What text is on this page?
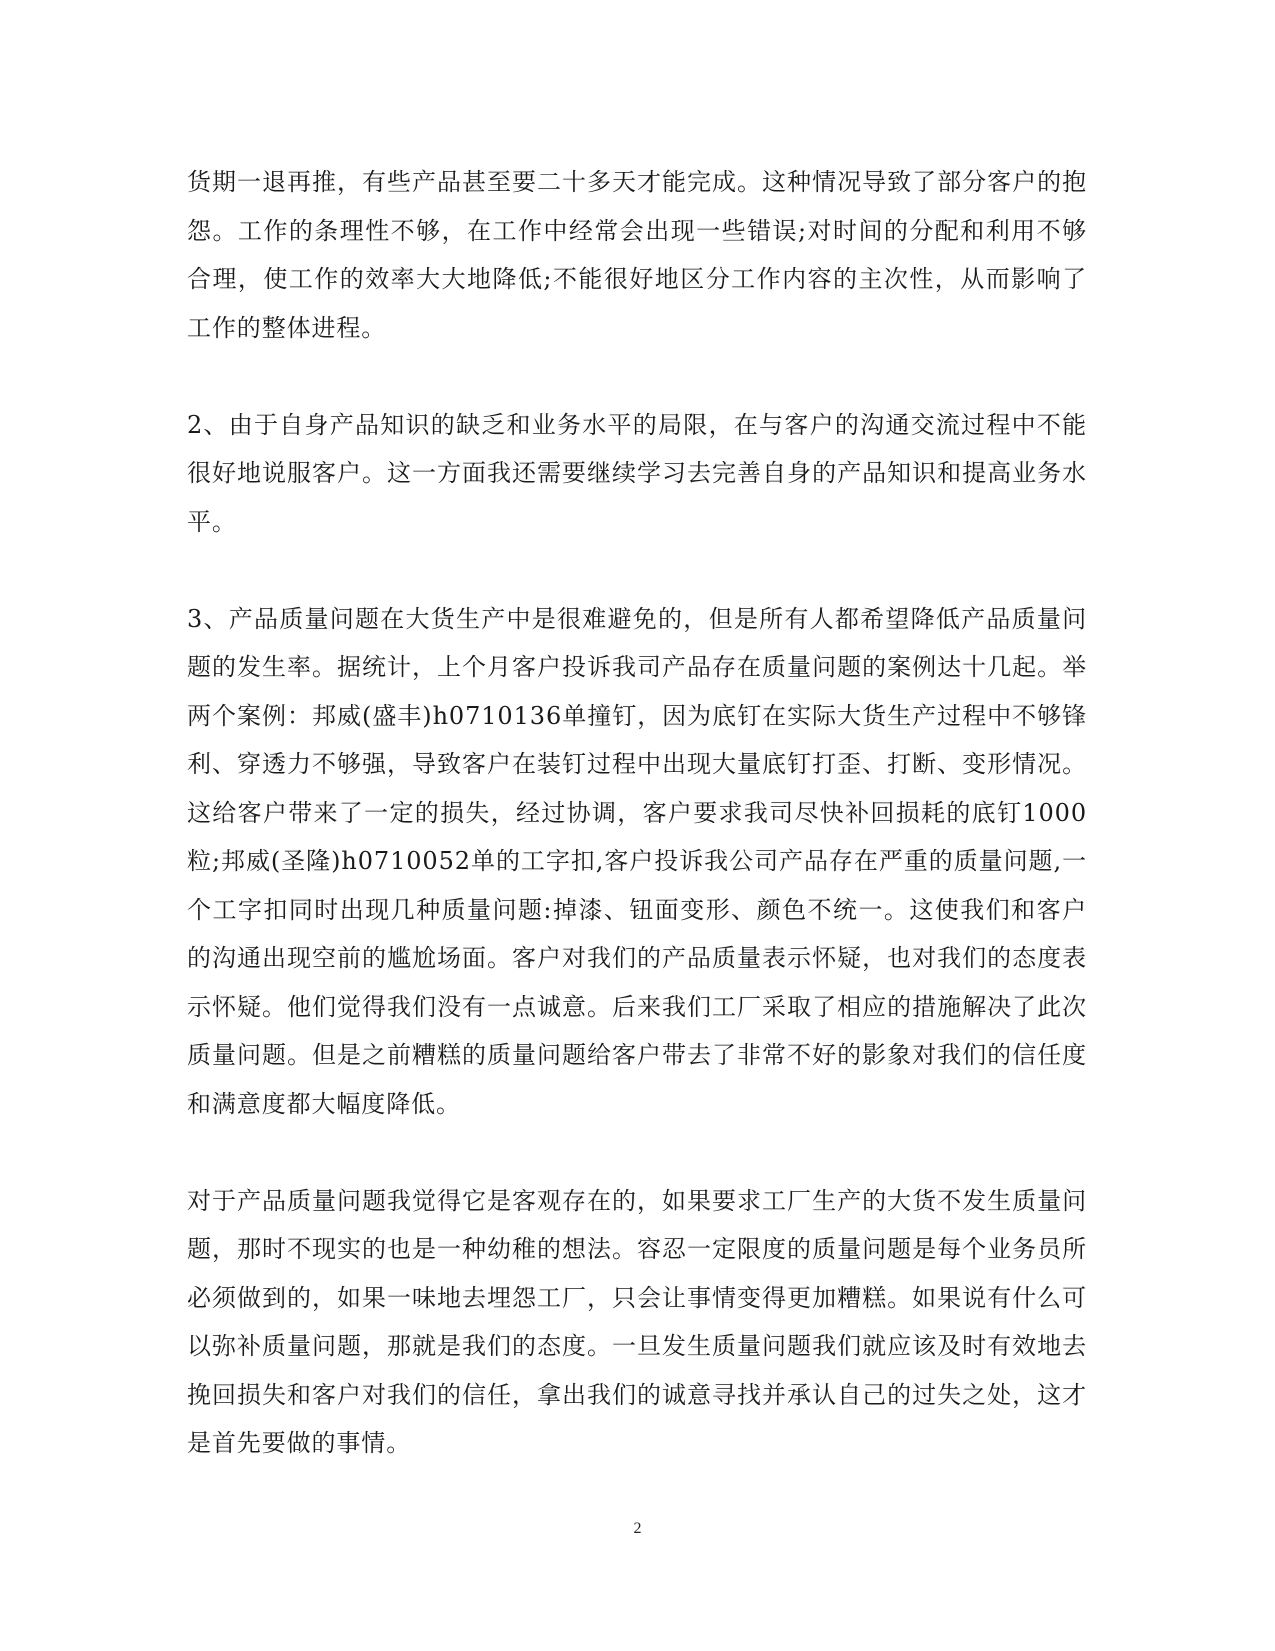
货期一退再推，有些产品甚至要二十多天才能完成。这种情况导致了部分客户的抱怨。工作的条理性不够，在工作中经常会出现一些错误;对时间的分配和利用不够合理，使工作的效率大大地降低;不能很好地区分工作内容的主次性，从而影响了工作的整体进程。

2、由于自身产品知识的缺乏和业务水平的局限，在与客户的沟通交流过程中不能很好地说服客户。这一方面我还需要继续学习去完善自身的产品知识和提高业务水平。

3、产品质量问题在大货生产中是很难避免的，但是所有人都希望降低产品质量问题的发生率。据统计，上个月客户投诉我司产品存在质量问题的案例达十几起。举两个案例：邦威(盛丰)h0710136单撞钉，因为底钉在实际大货生产过程中不够锋利、穿透力不够强，导致客户在装钉过程中出现大量底钉打歪、打断、变形情况。这给客户带来了一定的损失，经过协调，客户要求我司尽快补回损耗的底钉1000粒;邦威(圣隆)h0710052单的工字扣,客户投诉我公司产品存在严重的质量问题,一个工字扣同时出现几种质量问题:掉漆、钮面变形、颜色不统一。这使我们和客户的沟通出现空前的尴尬场面。客户对我们的产品质量表示怀疑，也对我们的态度表示怀疑。他们觉得我们没有一点诚意。后来我们工厂采取了相应的措施解决了此次质量问题。但是之前糟糕的质量问题给客户带去了非常不好的影象对我们的信任度和满意度都大幅度降低。

对于产品质量问题我觉得它是客观存在的，如果要求工厂生产的大货不发生质量问题，那时不现实的也是一种幼稚的想法。容忍一定限度的质量问题是每个业务员所必须做到的，如果一味地去埋怨工厂，只会让事情变得更加糟糕。如果说有什么可以弥补质量问题，那就是我们的态度。一旦发生质量问题我们就应该及时有效地去挽回损失和客户对我们的信任，拿出我们的诚意寻找并承认自己的过失之处，这才是首先要做的事情。

2
